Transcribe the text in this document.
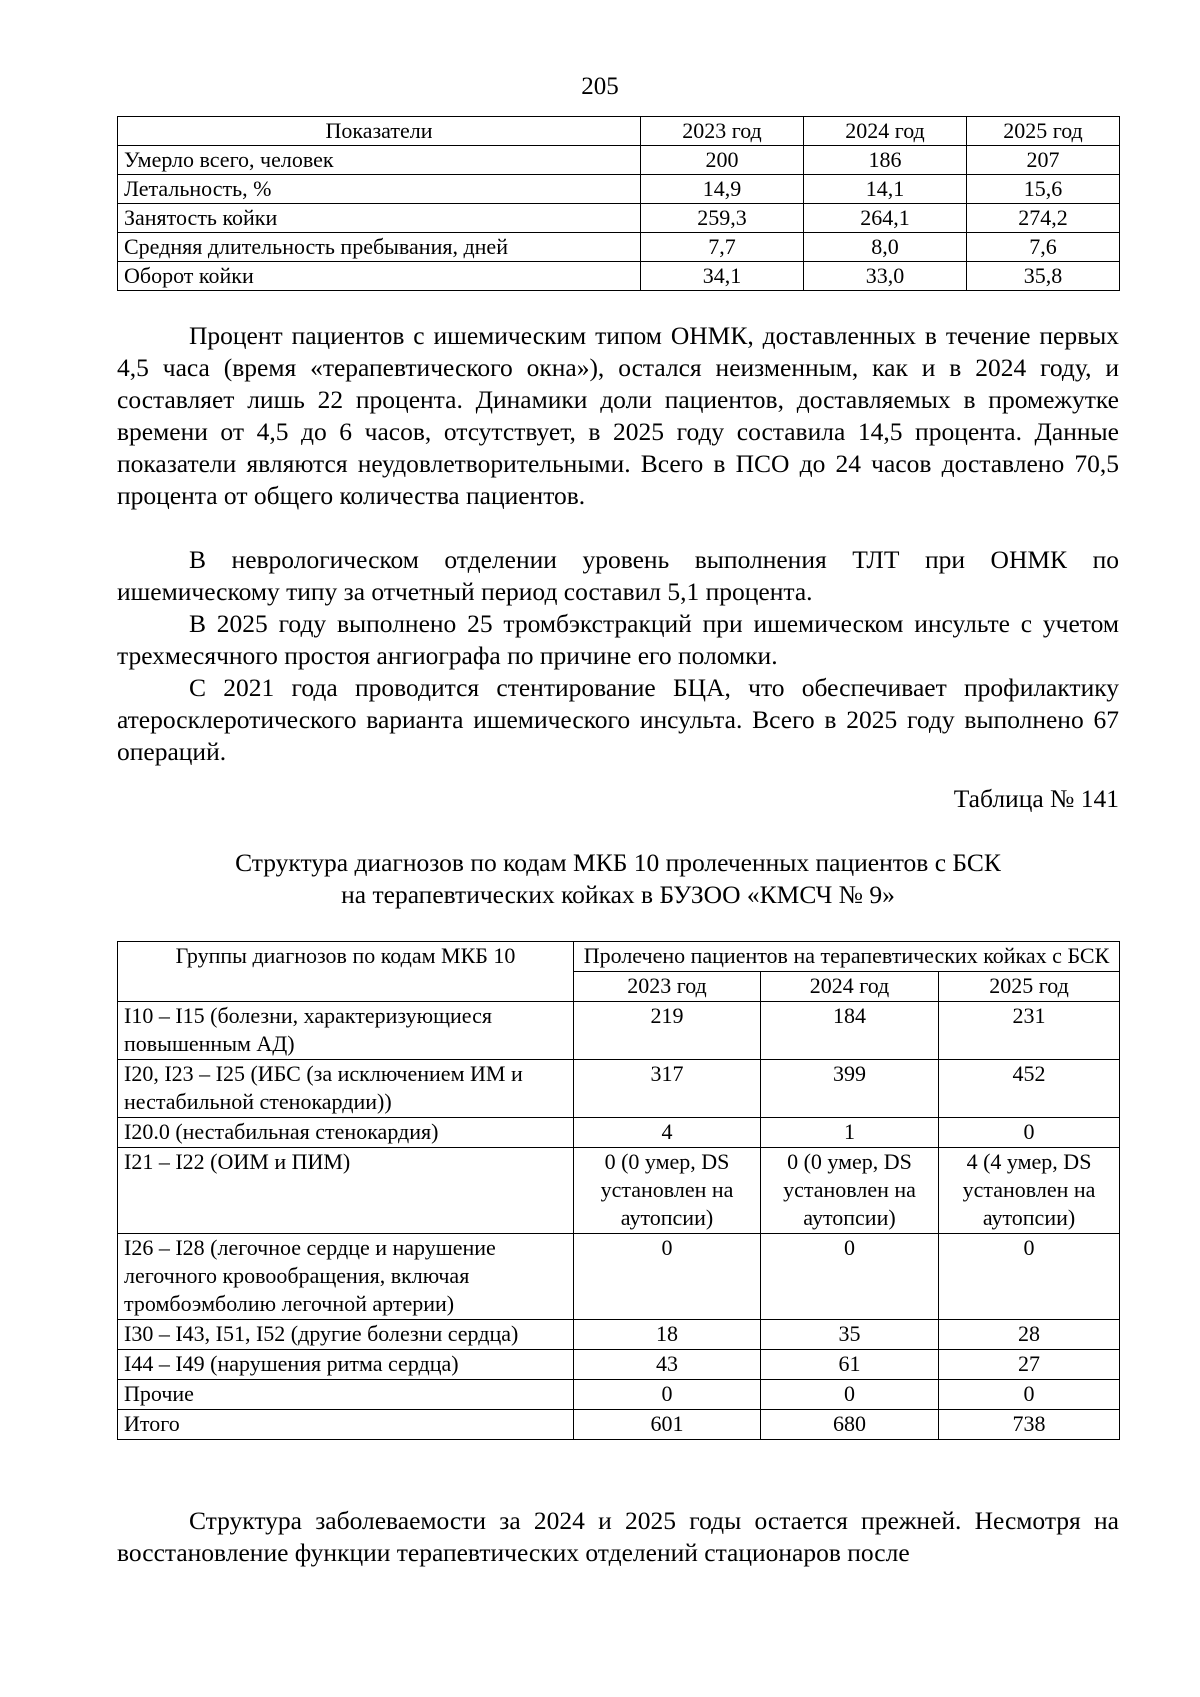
205
Показатели	2023 год	2024 год	2025 год
Умерло всего, человек	200	186	207
Летальность, %	14,9	14,1	15,6
Занятость койки	259,3	264,1	274,2
Средняя длительность пребывания, дней	7,7	8,0	7,6
Оборот койки	34,1	33,0	35,8

Процент пациентов с ишемическим типом ОНМК, доставленных в течение первых 4,5 часа (время «терапевтического окна»), остался неизменным, как и в 2024 году, и составляет лишь 22 процента. Динамики доли пациентов, доставляемых в промежутке времени от 4,5 до 6 часов, отсутствует, в 2025 году составила 14,5 процента. Данные показатели являются неудовлетворительными. Всего в ПСО до 24 часов доставлено 70,5 процента от общего количества пациентов.

В неврологическом отделении уровень выполнения ТЛТ при ОНМК по ишемическому типу за отчетный период составил 5,1 процента.

В 2025 году выполнено 25 тромбэкстракций при ишемическом инсульте с учетом трехмесячного простоя ангиографа по причине его поломки.

С 2021 года проводится стентирование БЦА, что обеспечивает профилактику атеросклеротического варианта ишемического инсульта. Всего в 2025 году выполнено 67 операций.

Таблица № 141
Структура диагнозов по кодам МКБ 10 пролеченных пациентов с БСК
на терапевтических койках в БУЗОО «КМСЧ № 9»
Группы диагнозов по кодам МКБ 10	Пролечено пациентов на терапевтических койках с БСК		
	2023 год	2024 год	2025 год
I10 – I15 (болезни, характеризующиеся повышенным АД)	219	184	231
I20, I23 – I25 (ИБС (за исключением ИМ и нестабильной стенокардии))	317	399	452
I20.0 (нестабильная стенокардия)	4	1	0
I21 – I22 (ОИМ и ПИМ)	0 (0 умер, DS установлен на аутопсии)	0 (0 умер, DS установлен на аутопсии)	4 (4 умер, DS установлен на аутопсии)
I26 – I28 (легочное сердце и нарушение легочного кровообращения, включая тромбоэмболию легочной артерии)	0	0	0
I30 – I43, I51, I52 (другие болезни сердца)	18	35	28
I44 – I49 (нарушения ритма сердца)	43	61	27
Прочие	0	0	0
Итого	601	680	738

Структура заболеваемости за 2024 и 2025 годы остается прежней. Несмотря на восстановление функции терапевтических отделений стационаров после
